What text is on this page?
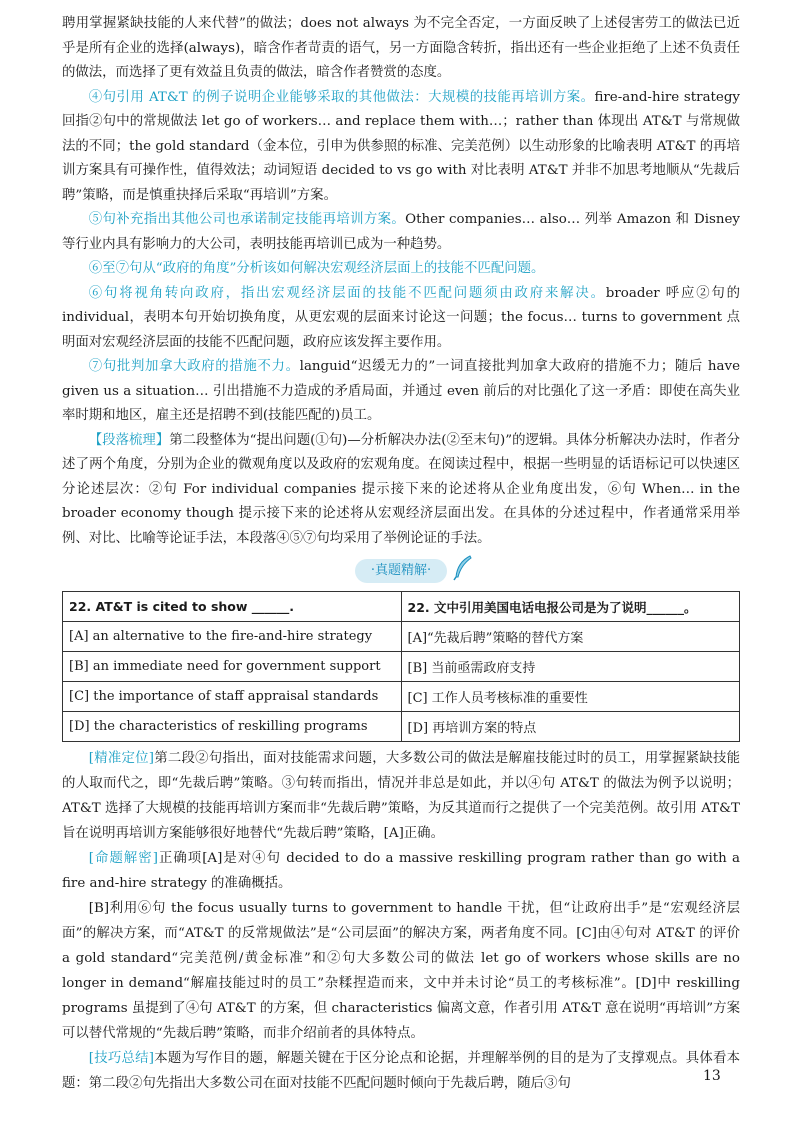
聘用掌握紧缺技能的人来代替”的做法；does not always 为不完全否定，一方面反映了上述侵害劳工的做法已近乎是所有企业的选择(always)，暗含作者苛责的语气，另一方面隐含转折，指出还有一些企业拒绝了上述不负责任的做法，而选择了更有效益且负责的做法，暗含作者赞赏的态度。

④句引用 AT&T 的例子说明企业能够采取的其他做法：大规模的技能再培训方案。fire-and-hire strategy 回指②句中的常规做法 let go of workers… and replace them with…；rather than 体现出 AT&T 与常规做法的不同；the gold standard（金本位，引申为供参照的标准、完美范例）以生动形象的比喻表明 AT&T 的再培训方案具有可操作性，值得效法；动词短语 decided to vs go with 对比表明 AT&T 并非不加思考地顺从“先裁后聘”策略，而是慎重抉择后采取“再培训”方案。

⑤句补充指出其他公司也承诺制定技能再培训方案。Other companies… also… 列举 Amazon 和 Disney 等行业内具有影响力的大公司，表明技能再培训已成为一种趋势。

⑥至⑦句从“政府的角度”分析该如何解决宏观经济层面上的技能不匹配问题。

⑥句将视角转向政府，指出宏观经济层面的技能不匹配问题须由政府来解决。broader 呼应②句的 individual，表明本句开始切换角度，从更宏观的层面来讨论这一问题；the focus… turns to government 点明面对宏观经济层面的技能不匹配问题，政府应该发挥主要作用。

⑦句批判加拿大政府的措施不力。languid“迟缓无力的”一词直接批判加拿大政府的措施不力；随后 have given us a situation… 引出措施不力造成的矛盾局面，并通过 even 前后的对比强化了这一矛盾：即使在高失业率时期和地区，雇主还是招聘不到(技能匹配的)员工。

【段落梳理】第二段整体为“提出问题(①句)—分析解决办法(②至末句)”的逻辑。具体分析解决办法时，作者分述了两个角度，分别为企业的微观角度以及政府的宏观角度。在阅读过程中，根据一些明显的话语标记可以快速区分论述层次：②句 For individual companies 提示接下来的论述将从企业角度出发，⑥句 When… in the broader economy though 提示接下来的论述将从宏观经济层面出发。在具体的分述过程中，作者通常采用举例、对比、比喻等论证手法，本段落④⑤⑦句均采用了举例论证的手法。

·真题精解·
22. AT&T is cited to show ______.	22. 文中引用美国电话电报公司是为了说明______。
[A] an alternative to the fire-and-hire strategy	[A]“先裁后聘”策略的替代方案
[B] an immediate need for government support	[B] 当前亟需政府支持
[C] the importance of staff appraisal standards	[C] 工作人员考核标准的重要性
[D] the characteristics of reskilling programs	[D] 再培训方案的特点

[精准定位]第二段②句指出，面对技能需求问题，大多数公司的做法是解雇技能过时的员工，用掌握紧缺技能的人取而代之，即“先裁后聘”策略。③句转而指出，情况并非总是如此，并以④句 AT&T 的做法为例予以说明；AT&T 选择了大规模的技能再培训方案而非“先裁后聘”策略，为反其道而行之提供了一个完美范例。故引用 AT&T 旨在说明再培训方案能够很好地替代“先裁后聘”策略，[A]正确。

[命题解密]正确项[A]是对④句 decided to do a massive reskilling program rather than go with a fire and-hire strategy 的准确概括。

[B]利用⑥句 the focus usually turns to government to handle 干扰，但“让政府出手”是“宏观经济层面”的解决方案，而“AT&T 的反常规做法”是“公司层面”的解决方案，两者角度不同。[C]由④句对 AT&T 的评价 a gold standard“完美范例/黄金标准”和②句大多数公司的做法 let go of workers whose skills are no longer in demand“解雇技能过时的员工”杂糅捏造而来，文中并未讨论“员工的考核标准”。[D]中 reskilling programs 虽提到了④句 AT&T 的方案，但 characteristics 偏离文意，作者引用 AT&T 意在说明“再培训”方案可以替代常规的“先裁后聘”策略，而非介绍前者的具体特点。

[技巧总结]本题为写作目的题，解题关键在于区分论点和论据，并理解举例的目的是为了支撑观点。具体看本题：第二段②句先指出大多数公司在面对技能不匹配问题时倾向于先裁后聘，随后③句	13
